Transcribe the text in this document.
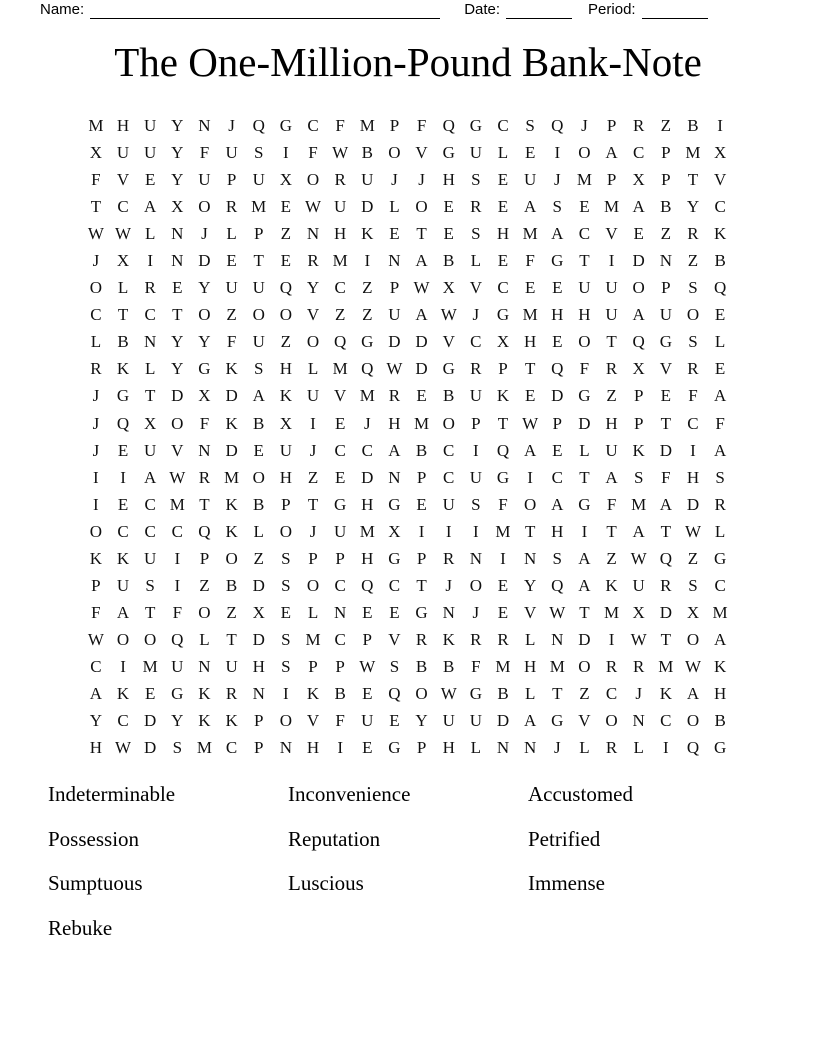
Name:	Date:	Period:
The One-Million-Pound Bank-Note
M H U Y N	J	Q G C F M P	F Q G C S Q	J	P R Z B	I
X U U Y F U S	I	F W B O V G U L E	I	O A C P M X
F V E Y U P U X O R U	J	J	H S	E U	J M P X P	T V
T C A X O R M E W U D L O E R E A S	E M A B Y C
W W L N	J	L	P	Z N H K E T E	S H M A C V E Z R K
J	X	I	N D E T E R M I	N A B L E	F G T	I	D N Z B
O L R E Y U U Q Y C Z	P W X V C E E U U O P	S Q
C T C T O Z O O V Z Z U A W J	G M H H U A U O E
L B N Y Y F U Z O Q G D D V C X H E O T Q G S	L
R K L Y G K S H L M Q W D G R P	T Q F R X V R E
J	G T D X D A K U V M R E B U K E D G Z	P	E	F A
J	Q X O F K B X	I	E	J	H M O P	T W P D H P	T C F
J	E U V N D E U	J	C C A B C	I	Q A E L U K D	I	A
I	I	A W R M O H Z E D N P C U G	I	C T A S	F H S
I	E C M T K B P	T G H G E U S	F O A G F M A D R
O C C C Q K L O	J	U M X	I	I	I M T H	I	T A T W L
K K U	I	P O Z	S	P	P H G P R N	I	N S A Z W Q Z G
P U S	I	Z B D S O C Q C T	J	O E Y Q A K U R S C
F A T	F O Z X E L N E E G N	J	E V W T M X D X M
W O O Q L T D S M C P V R K R R L N D	I W T O A
C	I M U N U H S	P	P W S B B F M H M O R R M W K
A K E G K R N	I	K B E Q O W G B L T Z C	J	K A H
Y C D Y K K P O V F U E Y U U D A G V O N C O B
H W D S M C P N H	I	E G P H L N N	J	L R L	I	Q G
Indeterminable	Inconvenience	Accustomed
Possession	Reputation	Petrified
Sumptuous	Luscious	Immense
Rebuke
